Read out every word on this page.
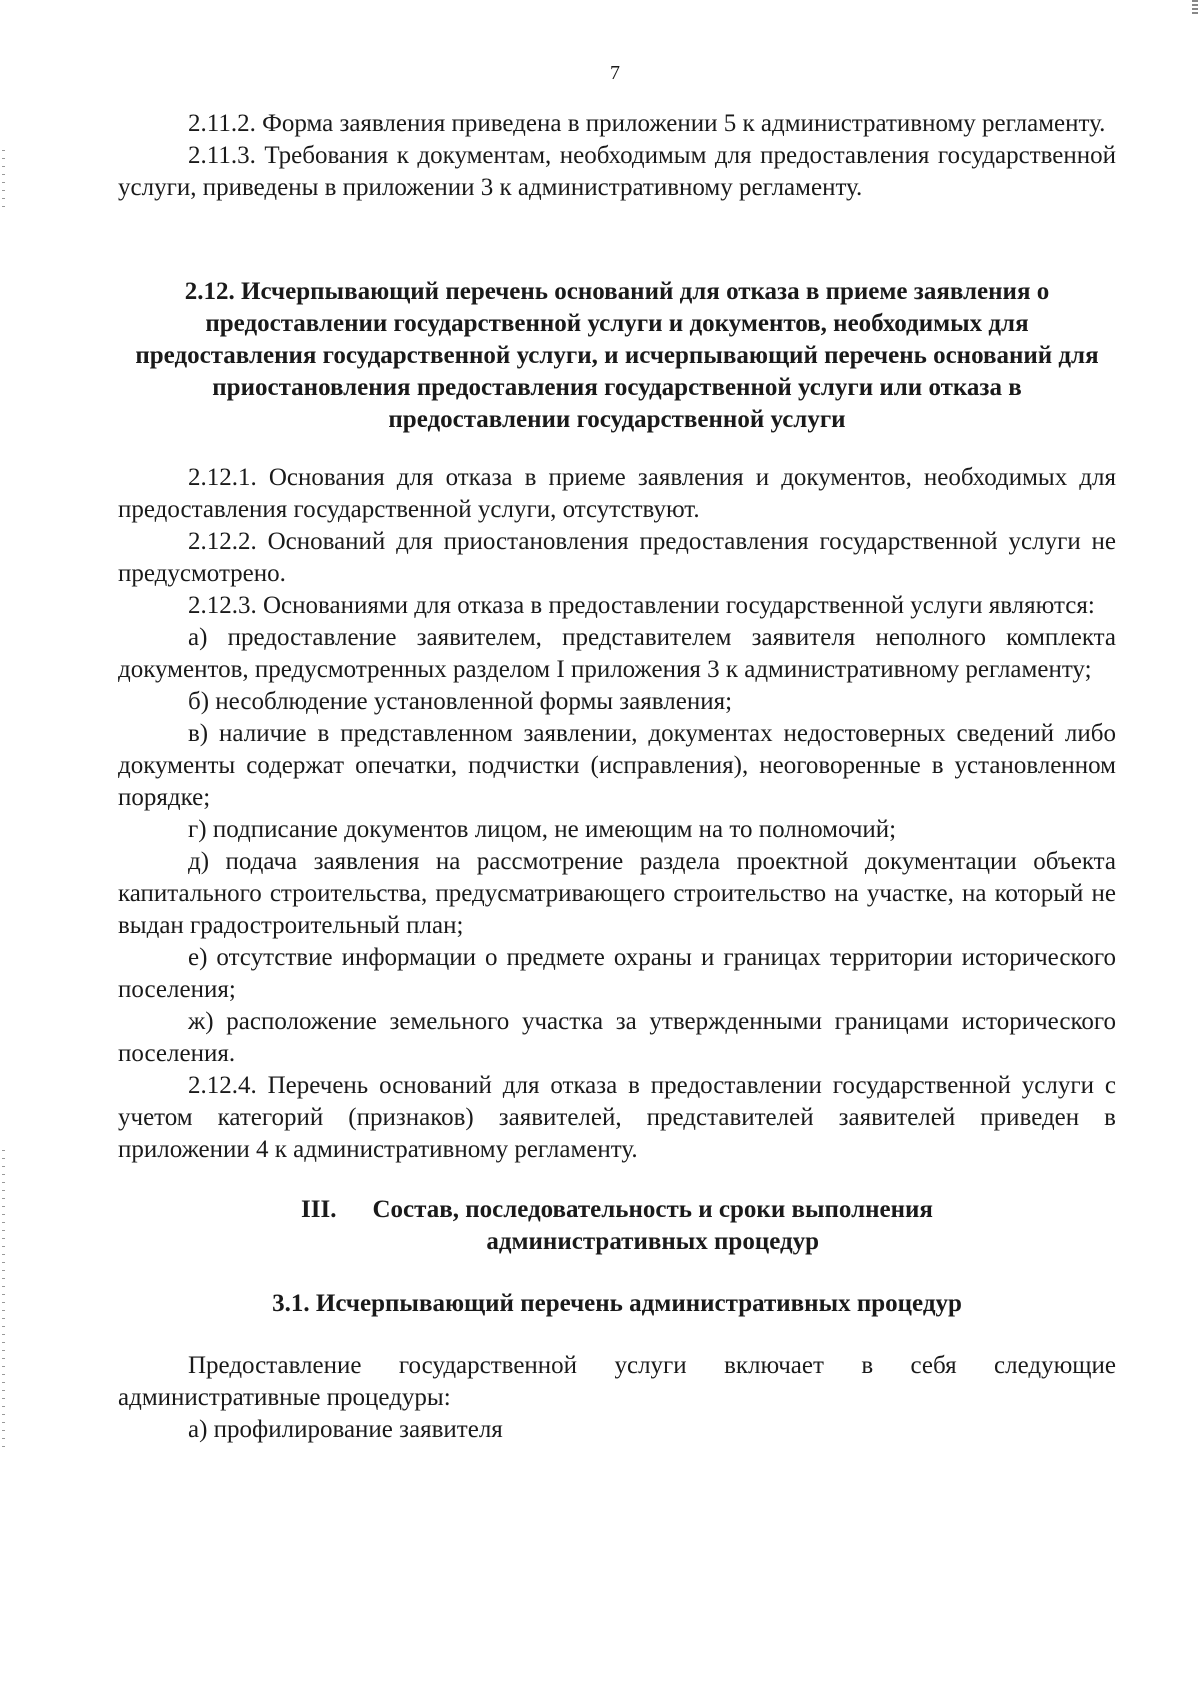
7

2.11.2. Форма заявления приведена в приложении 5 к административному регламенту.

2.11.3. Требования к документам, необходимым для предоставления государственной услуги, приведены в приложении 3 к административному регламенту.

2.12. Исчерпывающий перечень оснований для отказа в приеме заявления о предоставлении государственной услуги и документов, необходимых для предоставления государственной услуги, и исчерпывающий перечень оснований для приостановления предоставления государственной услуги или отказа в предоставлении государственной услуги

2.12.1. Основания для отказа в приеме заявления и документов, необходимых для предоставления государственной услуги, отсутствуют.

2.12.2. Оснований для приостановления предоставления государственной услуги не предусмотрено.

2.12.3. Основаниями для отказа в предоставлении государственной услуги являются:

а) предоставление заявителем, представителем заявителя неполного комплекта документов, предусмотренных разделом I приложения 3 к административному регламенту;

б) несоблюдение установленной формы заявления;

в) наличие в представленном заявлении, документах недостоверных сведений либо документы содержат опечатки, подчистки (исправления), неоговоренные в установленном порядке;

г) подписание документов лицом, не имеющим на то полномочий;

д) подача заявления на рассмотрение раздела проектной документации объекта капитального строительства, предусматривающего строительство на участке, на который не выдан градостроительный план;

е) отсутствие информации о предмете охраны и границах территории исторического поселения;

ж) расположение земельного участка за утвержденными границами исторического поселения.

2.12.4. Перечень оснований для отказа в предоставлении государственной услуги с учетом категорий (признаков) заявителей, представителей заявителей приведен в приложении 4 к административному регламенту.

III. Состав, последовательность и сроки выполнения
административных процедур

3.1. Исчерпывающий перечень административных процедур

Предоставление государственной услуги включает в себя следующие административные процедуры:

а) профилирование заявителя
